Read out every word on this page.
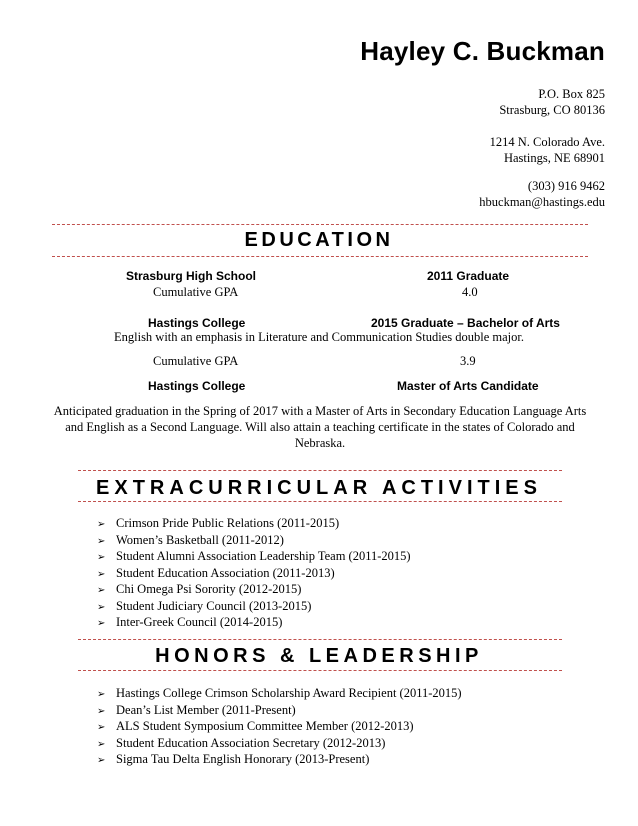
Hayley C. Buckman
P.O. Box 825
Strasburg, CO 80136
1214 N. Colorado Ave.
Hastings, NE 68901
(303) 916 9462
hbuckman@hastings.edu
EDUCATION
Strasburg High School	2011 Graduate
Cumulative GPA	4.0
Hastings College	2015 Graduate – Bachelor of Arts
English with an emphasis in Literature and Communication Studies double major.
Cumulative GPA	3.9
Hastings College	Master of Arts Candidate
Anticipated graduation in the Spring of 2017 with a Master of Arts in Secondary Education Language Arts and English as a Second Language. Will also attain a teaching certificate in the states of Colorado and Nebraska.
EXTRACURRICULAR ACTIVITIES
➢ Crimson Pride Public Relations (2011-2015)
➢ Women’s Basketball (2011-2012)
➢ Student Alumni Association Leadership Team (2011-2015)
➢ Student Education Association (2011-2013)
➢ Chi Omega Psi Sorority (2012-2015)
➢ Student Judiciary Council (2013-2015)
➢ Inter-Greek Council (2014-2015)
HONORS & LEADERSHIP
➢ Hastings College Crimson Scholarship Award Recipient (2011-2015)
➢ Dean’s List Member (2011-Present)
➢ ALS Student Symposium Committee Member (2012-2013)
➢ Student Education Association Secretary (2012-2013)
➢ Sigma Tau Delta English Honorary (2013-Present)
